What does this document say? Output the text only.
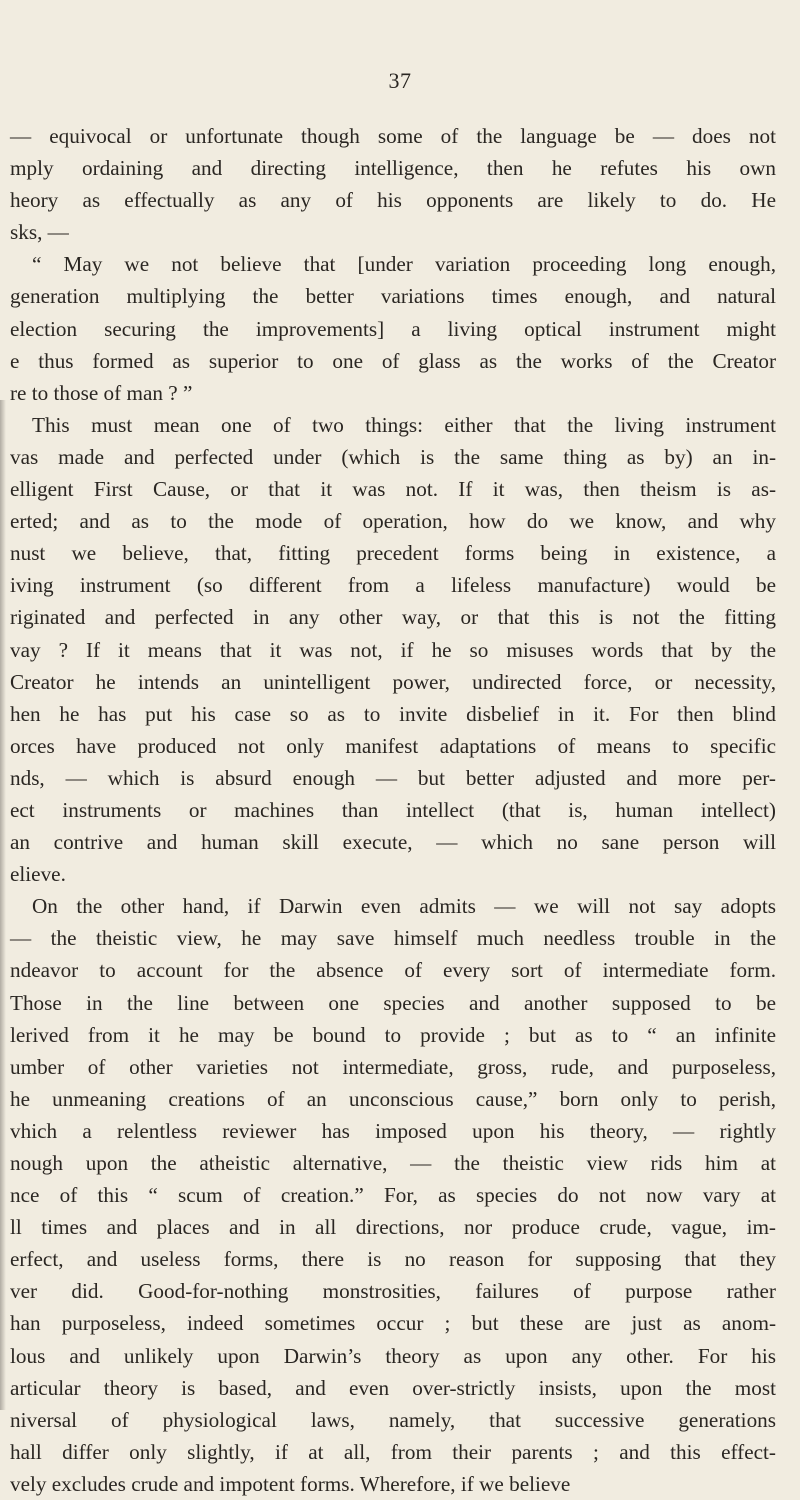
37
— equivocal or unfortunate though some of the language be — does not
mply ordaining and directing intelligence, then he refutes his own
heory as effectually as any of his opponents are likely to do. He
sks, —
“ May we not believe that [under variation proceeding long enough,
generation multiplying the better variations times enough, and natural
election securing the improvements] a living optical instrument might
e thus formed as superior to one of glass as the works of the Creator
re to those of man ? ”
This must mean one of two things: either that the living instrument
vas made and perfected under (which is the same thing as by) an in-
elligent First Cause, or that it was not. If it was, then theism is as-
erted; and as to the mode of operation, how do we know, and why
nust we believe, that, fitting precedent forms being in existence, a
iving instrument (so different from a lifeless manufacture) would be
riginated and perfected in any other way, or that this is not the fitting
vay ? If it means that it was not, if he so misuses words that by the
Creator he intends an unintelligent power, undirected force, or necessity,
hen he has put his case so as to invite disbelief in it. For then blind
orces have produced not only manifest adaptations of means to specific
nds, — which is absurd enough — but better adjusted and more per-
ect instruments or machines than intellect (that is, human intellect)
an contrive and human skill execute, — which no sane person will
elieve.
On the other hand, if Darwin even admits — we will not say adopts
— the theistic view, he may save himself much needless trouble in the
ndeavor to account for the absence of every sort of intermediate form.
Those in the line between one species and another supposed to be
lerived from it he may be bound to provide ; but as to “ an infinite
umber of other varieties not intermediate, gross, rude, and purposeless,
he unmeaning creations of an unconscious cause,” born only to perish,
vhich a relentless reviewer has imposed upon his theory, — rightly
nough upon the atheistic alternative, — the theistic view rids him at
nce of this “ scum of creation.” For, as species do not now vary at
ll times and places and in all directions, nor produce crude, vague, im-
erfect, and useless forms, there is no reason for supposing that they
ver did. Good-for-nothing monstrosities, failures of purpose rather
han purposeless, indeed sometimes occur ; but these are just as anom-
lous and unlikely upon Darwin’s theory as upon any other. For his
articular theory is based, and even over-strictly insists, upon the most
niversal of physiological laws, namely, that successive generations
hall differ only slightly, if at all, from their parents ; and this effect-
vely excludes crude and impotent forms. Wherefore, if we believe
